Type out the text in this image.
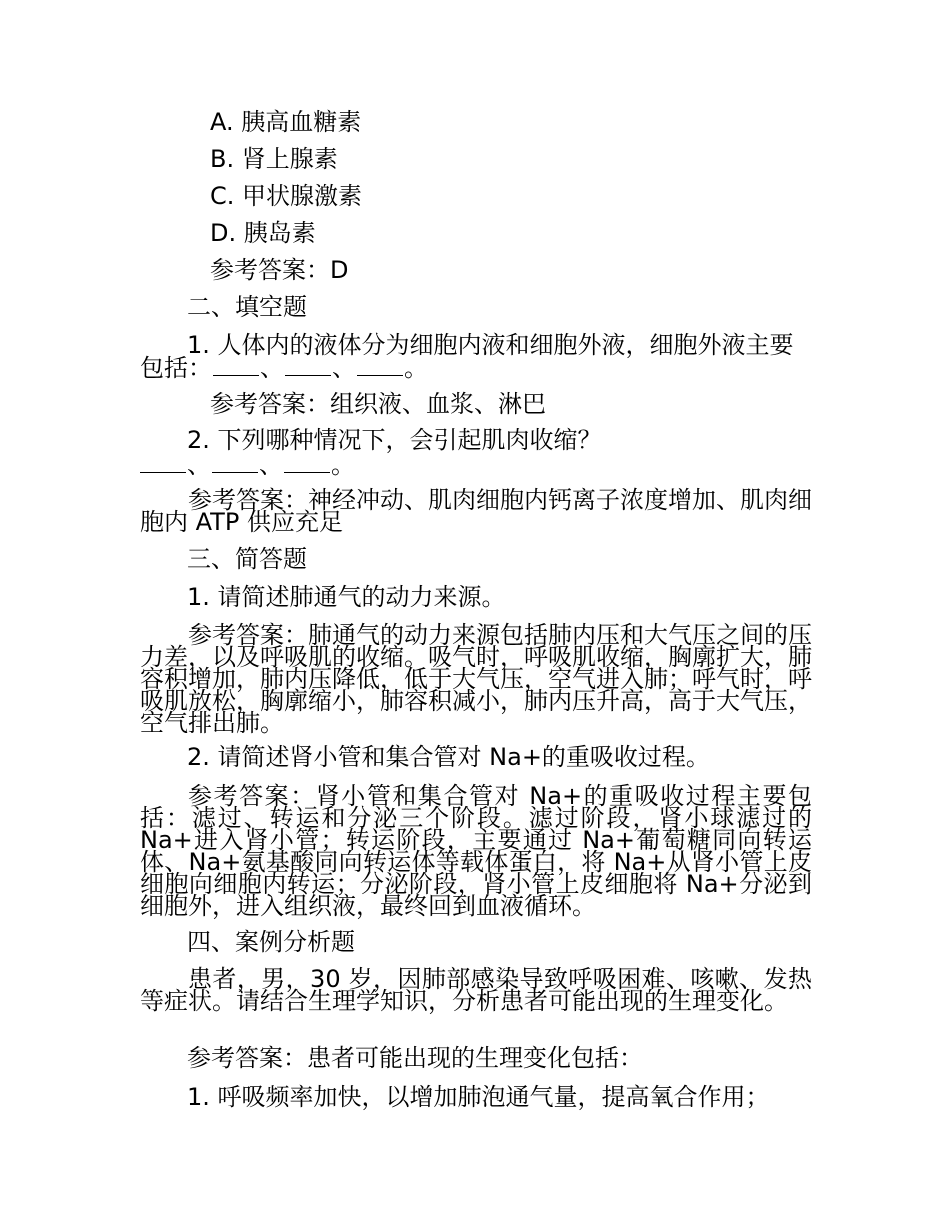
A. 胰高血糖素
B. 肾上腺素
C. 甲状腺激素
D. 胰岛素
参考答案：D
二、填空题
1. 人体内的液体分为细胞内液和细胞外液，细胞外液主要
包括： 、 、 。
参考答案：组织液、血浆、淋巴
2. 下列哪种情况下，会引起肌肉收缩？
、 、 。
参考答案：神经冲动、肌肉细胞内钙离子浓度增加、肌肉细胞内 ATP 供应充足
三、简答题
1. 请简述肺通气的动力来源。
参考答案：肺通气的动力来源包括肺内压和大气压之间的压力差，以及呼吸肌的收缩。吸气时，呼吸肌收缩，胸廓扩大，肺容积增加，肺内压降低，低于大气压，空气进入肺；呼气时，呼吸肌放松，胸廓缩小，肺容积减小，肺内压升高，高于大气压，空气排出肺。
2. 请简述肾小管和集合管对 Na+的重吸收过程。
参考答案：肾小管和集合管对 Na+的重吸收过程主要包括：滤过、转运和分泌三个阶段。滤过阶段，肾小球滤过的 Na+进入肾小管；转运阶段，主要通过 Na+葡萄糖同向转运体、Na+氨基酸同向转运体等载体蛋白，将 Na+从肾小管上皮细胞向细胞内转运；分泌阶段，肾小管上皮细胞将 Na+分泌到细胞外，进入组织液，最终回到血液循环。
四、案例分析题
患者，男，30 岁，因肺部感染导致呼吸困难、咳嗽、发热等症状。请结合生理学知识，分析患者可能出现的生理变化。
参考答案：患者可能出现的生理变化包括：
1. 呼吸频率加快，以增加肺泡通气量，提高氧合作用；
